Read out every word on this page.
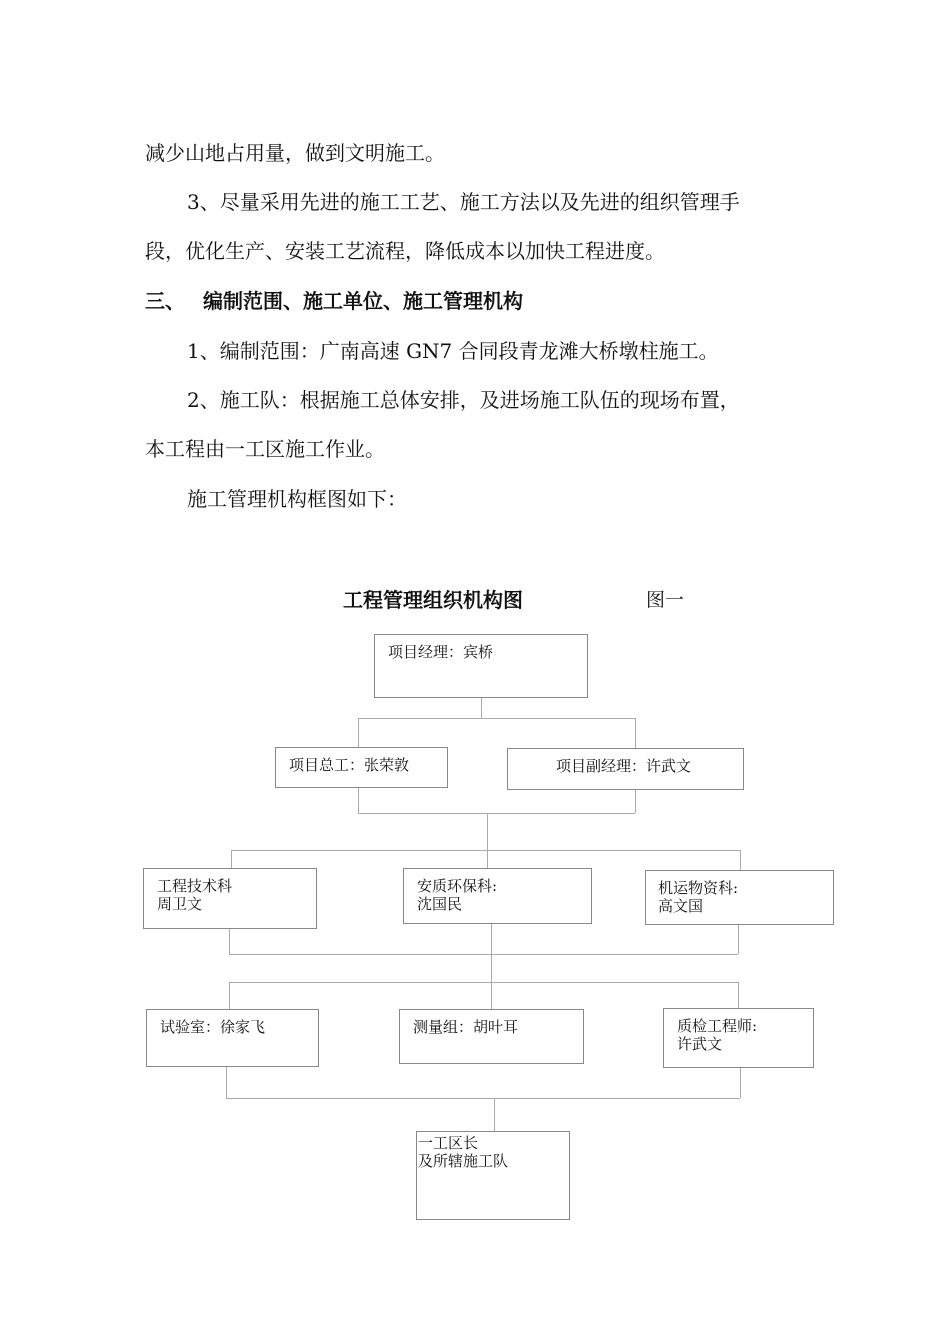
减少山地占用量，做到文明施工。
3、尽量采用先进的施工工艺、施工方法以及先进的组织管理手
段，优化生产、安装工艺流程，降低成本以加快工程进度。
三、 编制范围、施工单位、施工管理机构
1、编制范围：广南高速 GN7 合同段青龙滩大桥墩柱施工。
2、施工队：根据施工总体安排，及进场施工队伍的现场布置，
本工程由一工区施工作业。
施工管理机构框图如下：
工程管理组织机构图	图一
项目经理：宾桥
项目总工：张荣敦	项目副经理：许武文
工程技术科
周卫文
安质环保科:
沈国民
机运物资科:
高文国
试验室：徐家飞	测量组：胡叶耳	质检工程师:
许武文
一工区长
及所辖施工队
